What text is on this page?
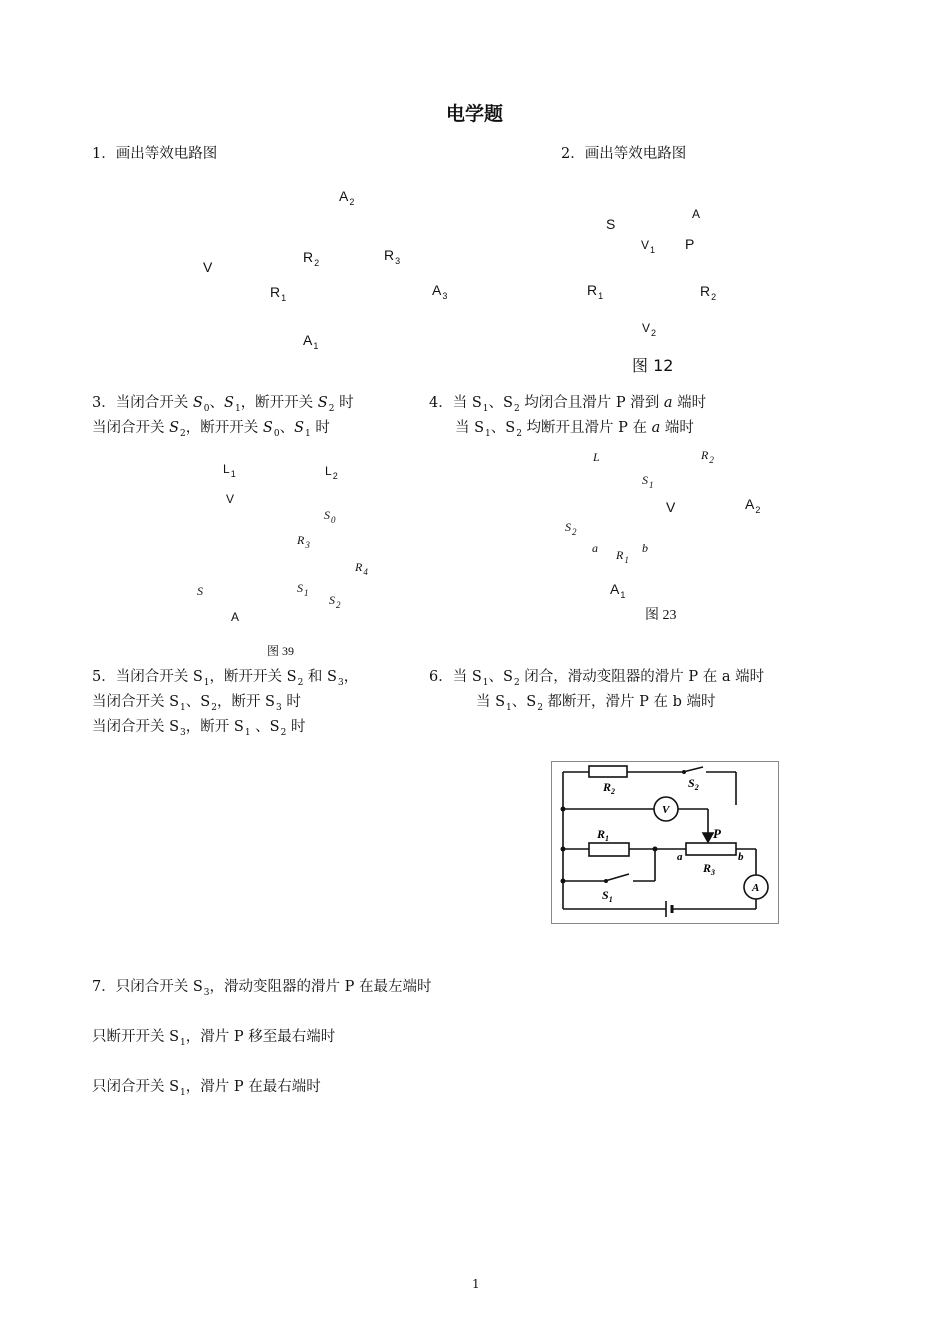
电学题
1．画出等效电路图
$A_2$
V
$R_2$	$R_3$
$R_1$	$A_3$
$A_1$
2．画出等效电路图
S
A
$V_1$ P
$R_1$	$R_2$
$V_2$
图 12
3．当闭合开关 $S_0$、$S_1$，断开开关 $S_2$ 时
当闭合开关 $S_2$，断开开关 $S_0$、$S_1$ 时
$L_1$	$L_2$
V
$S_0$
$R_3$
$R_4$
S	$S_1$ $S_2$
A
图 39
4．当 $S_1$、$S_2$ 均闭合且滑片 P 滑到 a 端时
当 $S_1$、$S_2$ 均断开且滑片 P 在 a 端时
L	$R_2$
$S_1$
V	$A_2$
$S_2$
a $R_1$
b
$A_1$
图 23
5．当闭合开关 $S_1$，断开开关 $S_2$ 和 $S_3$，
当闭合开关 $S_1$、$S_2$，断开 $S_3$ 时
当闭合开关 $S_3$，断开 $S_1$ 、$S_2$ 时
6．当 $S_1$、$S_2$ 闭合，滑动变阻器的滑片 P 在 a 端时
当 $S_1$、$S_2$ 都断开，滑片 P 在 b 端时
$R_2$
$S_2$
V
$R_1$	P
a	b
$R_3$
$S_1$
A
7．只闭合开关 $S_3$，滑动变阻器的滑片 P 在最左端时
只断开开关 $S_1$，滑片 P 移至最右端时
只闭合开关 $S_1$，滑片 P 在最右端时
1
